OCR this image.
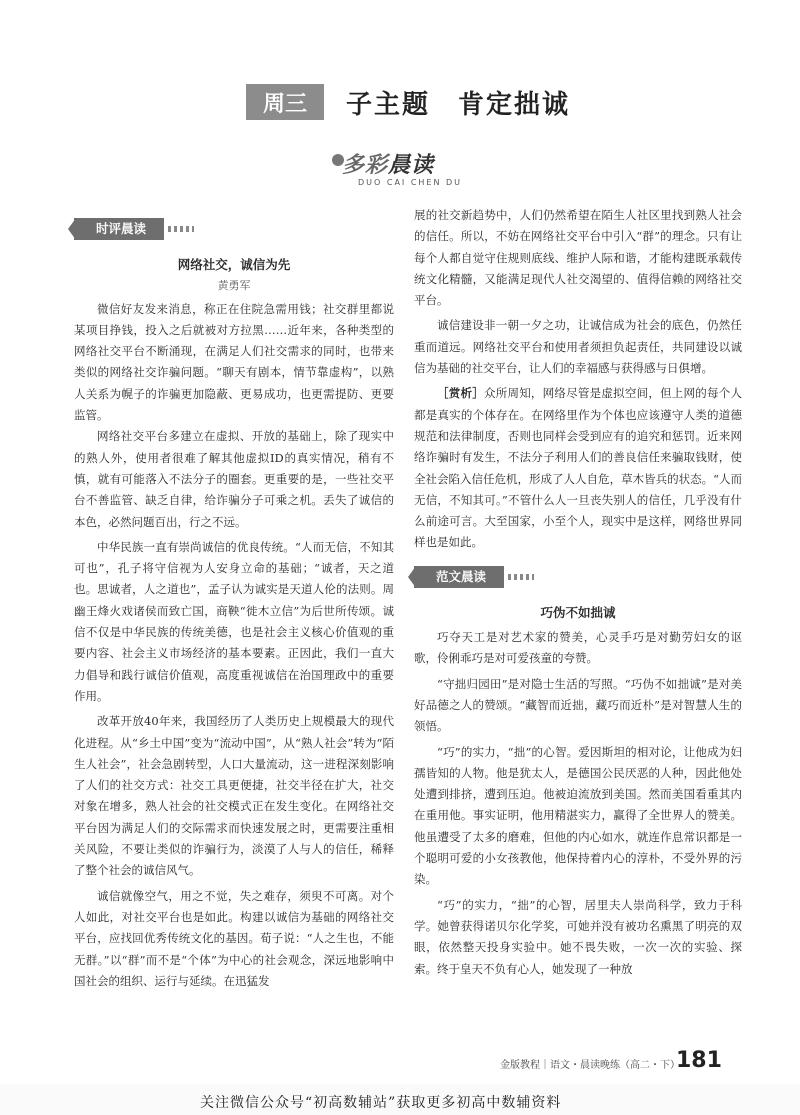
周三	子主题　肯定拙诚
多彩晨读
DUO CAI CHEN DU
时评晨读
网络社交，诚信为先
黄勇军

微信好友发来消息，称正在住院急需用钱；社交群里都说某项目挣钱，投入之后就被对方拉黑……近年来，各种类型的网络社交平台不断涌现，在满足人们社交需求的同时，也带来类似的网络社交诈骗问题。“聊天有剧本，情节靠虚构”，以熟人关系为幌子的诈骗更加隐蔽、更易成功，也更需提防、更要监管。

网络社交平台多建立在虚拟、开放的基础上，除了现实中的熟人外，使用者很难了解其他虚拟ID的真实情况，稍有不慎，就有可能落入不法分子的圈套。更重要的是，一些社交平台不善监管、缺乏自律，给诈骗分子可乘之机。丢失了诚信的本色，必然问题百出，行之不远。

中华民族一直有崇尚诚信的优良传统。“人而无信，不知其可也”，孔子将守信视为人安身立命的基础；“诚者，天之道也。思诚者，人之道也”，孟子认为诚实是天道人伦的法则。周幽王烽火戏诸侯而致亡国，商鞅“徙木立信”为后世所传颂。诚信不仅是中华民族的传统美德，也是社会主义核心价值观的重要内容、社会主义市场经济的基本要素。正因此，我们一直大力倡导和践行诚信价值观，高度重视诚信在治国理政中的重要作用。

改革开放40年来，我国经历了人类历史上规模最大的现代化进程。从“乡土中国”变为“流动中国”，从“熟人社会”转为“陌生人社会”，社会急剧转型，人口大量流动，这一进程深刻影响了人们的社交方式：社交工具更便捷，社交半径在扩大，社交对象在增多，熟人社会的社交模式正在发生变化。在网络社交平台因为满足人们的交际需求而快速发展之时，更需要注重相关风险，不要让类似的诈骗行为，淡漠了人与人的信任，稀释了整个社会的诚信风气。

诚信就像空气，用之不觉，失之难存，须臾不可离。对个人如此，对社交平台也是如此。构建以诚信为基础的网络社交平台，应找回优秀传统文化的基因。荀子说：“人之生也，不能无群。”以“群”而不是“个体”为中心的社会观念，深远地影响中国社会的组织、运行与延续。在迅猛发

展的社交新趋势中，人们仍然希望在陌生人社区里找到熟人社会的信任。所以，不妨在网络社交平台中引入“群”的理念。只有让每个人都自觉守住规则底线、维护人际和谐，才能构建既承载传统文化精髓，又能满足现代人社交渴望的、值得信赖的网络社交平台。

诚信建设非一朝一夕之功，让诚信成为社会的底色，仍然任重而道远。网络社交平台和使用者须担负起责任，共同建设以诚信为基础的社交平台，让人们的幸福感与获得感与日俱增。

［赏析］众所周知，网络尽管是虚拟空间，但上网的每个人都是真实的个体存在。在网络里作为个体也应该遵守人类的道德规范和法律制度，否则也同样会受到应有的追究和惩罚。近来网络诈骗时有发生，不法分子利用人们的善良信任来骗取钱财，使全社会陷入信任危机，形成了人人自危，草木皆兵的状态。“人而无信，不知其可。”不管什么人一旦丧失别人的信任，几乎没有什么前途可言。大至国家，小至个人，现实中是这样，网络世界同样也是如此。

范文晨读
巧伪不如拙诚

巧夺天工是对艺术家的赞美，心灵手巧是对勤劳妇女的讴歌，伶俐乖巧是对可爱孩童的夸赞。

“守拙归园田”是对隐士生活的写照。“巧伪不如拙诚”是对美好品德之人的赞颂。“藏智而近拙，藏巧而近朴”是对智慧人生的领悟。

“巧”的实力，“拙”的心智。爱因斯坦的相对论，让他成为妇孺皆知的人物。他是犹太人，是德国公民厌恶的人种，因此他处处遭到排挤，遭到压迫。他被迫流放到美国。然而美国看重其内在重用他。事实证明，他用精湛实力，赢得了全世界人的赞美。他虽遭受了太多的磨难，但他的内心如水，就连作息常识都是一个聪明可爱的小女孩教他，他保持着内心的淳朴，不受外界的污染。

“巧”的实力，“拙”的心智，居里夫人崇尚科学，致力于科学。她曾获得诺贝尔化学奖，可她并没有被功名熏黑了明亮的双眼，依然整天投身实验中。她不畏失败，一次一次的实验、探索。终于皇天不负有心人，她发现了一种放

金版教程｜语文・晨读晚练（高二・下）
181
关注微信公众号“初高数辅站”获取更多初高中数辅资料
